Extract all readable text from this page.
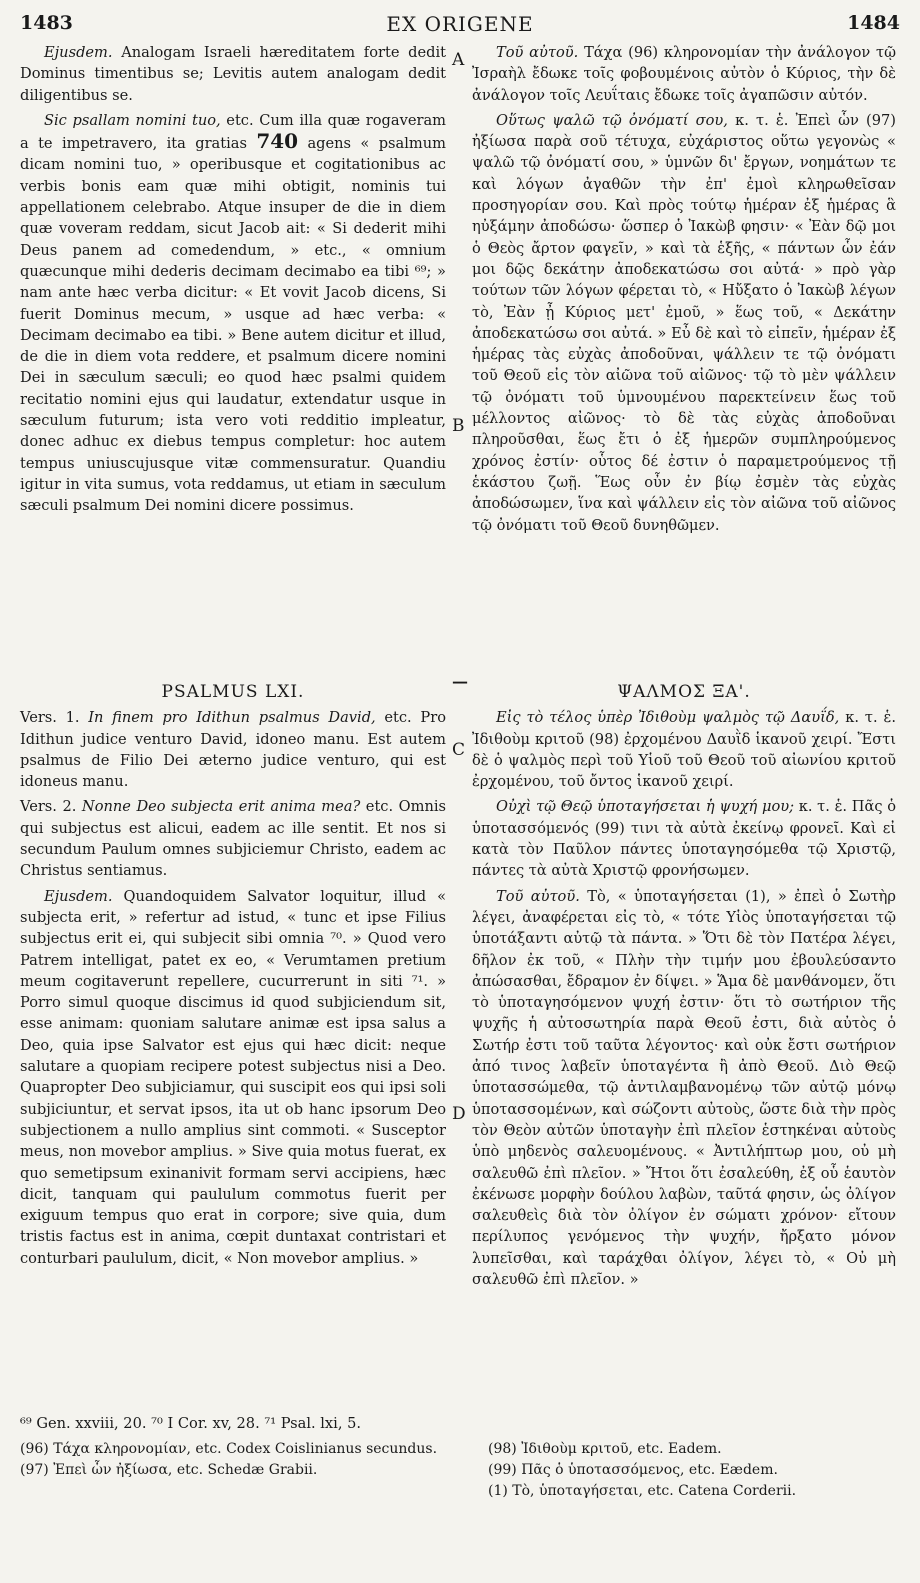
1483	EX ORIGENE	1484
A
B
C
D
—

Ejusdem. Analogam Israeli hæreditatem forte dedit Dominus timentibus se; Levitis autem analogam dedit diligentibus se.

Sic psallam nomini tuo, etc. Cum illa quæ rogaveram a te impetravero, ita gratias 740 agens « psalmum dicam nomini tuo, » operibusque et cogitationibus ac verbis bonis eam quæ mihi obtigit, nominis tui appellationem celebrabo. Atque insuper de die in diem quæ voveram reddam, sicut Jacob ait: « Si dederit mihi Deus panem ad comedendum, » etc., « omnium quæcunque mihi dederis decimam decimabo ea tibi ⁶⁹; » nam ante hæc verba dicitur: « Et vovit Jacob dicens, Si fuerit Dominus mecum, » usque ad hæc verba: « Decimam decimabo ea tibi. » Bene autem dicitur et illud, de die in diem vota reddere, et psalmum dicere nomini Dei in sæculum sæculi; eo quod hæc psalmi quidem recitatio nomini ejus qui laudatur, extendatur usque in sæculum futurum; ista vero voti redditio impleatur, donec adhuc ex diebus tempus completur: hoc autem tempus uniuscujusque vitæ commensuratur. Quandiu igitur in vita sumus, vota reddamus, ut etiam in sæculum sæculi psalmum Dei nomini dicere possimus.

Τοῦ αὐτοῦ. Τάχα (96) κληρονομίαν τὴν ἀνάλογον τῷ Ἰσραὴλ ἔδωκε τοῖς φοβουμένοις αὐτὸν ὁ Κύριος, τὴν δὲ ἀνάλογον τοῖς Λευΐταις ἔδωκε τοῖς ἀγαπῶσιν αὐτόν.

Οὕτως ψαλῶ τῷ ὀνόματί σου, κ. τ. ἑ. Ἐπεὶ ὧν (97) ἠξίωσα παρὰ σοῦ τέτυχα, εὐχάριστος οὕτω γεγονὼς « ψαλῶ τῷ ὀνόματί σου, » ὑμνῶν δι' ἔργων, νοημάτων τε καὶ λόγων ἀγαθῶν τὴν ἐπ' ἐμοὶ κληρωθεῖσαν προσηγορίαν σου. Καὶ πρὸς τούτῳ ἡμέραν ἐξ ἡμέρας ἃ ηὐξάμην ἀποδώσω· ὥσπερ ὁ Ἰακὼβ φησιν· « Ἐὰν δῷ μοι ὁ Θεὸς ἄρτον φαγεῖν, » καὶ τὰ ἑξῆς, « πάντων ὧν ἐάν μοι δῷς δεκάτην ἀποδεκατώσω σοι αὐτά· » πρὸ γὰρ τούτων τῶν λόγων φέρεται τὸ, « Ηὔξατο ὁ Ἰακὼβ λέγων τὸ, Ἐὰν ᾖ Κύριος μετ' ἐμοῦ, » ἕως τοῦ, « Δεκάτην ἀποδεκατώσω σοι αὐτά. » Εὖ δὲ καὶ τὸ εἰπεῖν, ἡμέραν ἐξ ἡμέρας τὰς εὐχὰς ἀποδοῦναι, ψάλλειν τε τῷ ὀνόματι τοῦ Θεοῦ εἰς τὸν αἰῶνα τοῦ αἰῶνος· τῷ τὸ μὲν ψάλλειν τῷ ὀνόματι τοῦ ὑμνουμένου παρεκτείνειν ἕως τοῦ μέλλοντος αἰῶνος· τὸ δὲ τὰς εὐχὰς ἀποδοῦναι πληροῦσθαι, ἕως ἔτι ὁ ἐξ ἡμερῶν συμπληρούμενος χρόνος ἐστίν· οὗτος δέ ἐστιν ὁ παραμετρούμενος τῇ ἑκάστου ζωῇ. Ἕως οὖν ἐν βίῳ ἐσμὲν τὰς εὐχὰς ἀποδώσωμεν, ἵνα καὶ ψάλλειν εἰς τὸν αἰῶνα τοῦ αἰῶνος τῷ ὀνόματι τοῦ Θεοῦ δυνηθῶμεν.

PSALMUS LXI.

Vers. 1. In finem pro Idithun psalmus David, etc. Pro Idithun judice venturo David, idoneo manu. Est autem psalmus de Filio Dei æterno judice venturo, qui est idoneus manu.

Vers. 2. Nonne Deo subjecta erit anima mea? etc. Omnis qui subjectus est alicui, eadem ac ille sentit. Et nos si secundum Paulum omnes subjiciemur Christo, eadem ac Christus sentiamus.

Ejusdem. Quandoquidem Salvator loquitur, illud « subjecta erit, » refertur ad istud, « tunc et ipse Filius subjectus erit ei, qui subjecit sibi omnia ⁷⁰. » Quod vero Patrem intelligat, patet ex eo, « Verumtamen pretium meum cogitaverunt repellere, cucurrerunt in siti ⁷¹. » Porro simul quoque discimus id quod subjiciendum sit, esse animam: quoniam salutare animæ est ipsa salus a Deo, quia ipse Salvator est ejus qui hæc dicit: neque salutare a quopiam recipere potest subjectus nisi a Deo. Quapropter Deo subjiciamur, qui suscipit eos qui ipsi soli subjiciuntur, et servat ipsos, ita ut ob hanc ipsorum Deo subjectionem a nullo amplius sint commoti. « Susceptor meus, non movebor amplius. » Sive quia motus fuerat, ex quo semetipsum exinanivit formam servi accipiens, hæc dicit, tanquam qui paululum commotus fuerit per exiguum tempus quo erat in corpore; sive quia, dum tristis factus est in anima, cœpit duntaxat contristari et conturbari paululum, dicit, « Non movebor amplius. »

ΨΑΛΜΟΣ ΞΑ'.

Εἰς τὸ τέλος ὑπὲρ Ἰδιθοὺμ ψαλμὸς τῷ Δαυΐδ, κ. τ. ἑ. Ἰδιθοὺμ κριτοῦ (98) ἐρχομένου Δαυῒδ ἱκανοῦ χειρί. Ἔστι δὲ ὁ ψαλμὸς περὶ τοῦ Υἱοῦ τοῦ Θεοῦ τοῦ αἰωνίου κριτοῦ ἐρχομένου, τοῦ ὄντος ἱκανοῦ χειρί.

Οὐχὶ τῷ Θεῷ ὑποταγήσεται ἡ ψυχή μου; κ. τ. ἑ. Πᾶς ὁ ὑποτασσόμενός (99) τινι τὰ αὐτὰ ἐκείνῳ φρονεῖ. Καὶ εἰ κατὰ τὸν Παῦλον πάντες ὑποταγησόμεθα τῷ Χριστῷ, πάντες τὰ αὐτὰ Χριστῷ φρονήσωμεν.

Τοῦ αὐτοῦ. Τὸ, « ὑποταγήσεται (1), » ἐπεὶ ὁ Σωτὴρ λέγει, ἀναφέρεται εἰς τὸ, « τότε Υἱὸς ὑποταγήσεται τῷ ὑποτάξαντι αὐτῷ τὰ πάντα. » Ὅτι δὲ τὸν Πατέρα λέγει, δῆλον ἐκ τοῦ, « Πλὴν τὴν τιμήν μου ἐβουλεύσαντο ἀπώσασθαι, ἔδραμον ἐν δίψει. » Ἅμα δὲ μανθάνομεν, ὅτι τὸ ὑποταγησόμενον ψυχή ἐστιν· ὅτι τὸ σωτήριον τῆς ψυχῆς ἡ αὐτοσωτηρία παρὰ Θεοῦ ἐστι, διὰ αὐτὸς ὁ Σωτήρ ἐστι τοῦ ταῦτα λέγοντος· καὶ οὐκ ἔστι σωτήριον ἀπό τινος λαβεῖν ὑποταγέντα ἢ ἀπὸ Θεοῦ. Διὸ Θεῷ ὑποτασσώμεθα, τῷ ἀντιλαμβανομένῳ τῶν αὐτῷ μόνῳ ὑποτασσομένων, καὶ σώζοντι αὐτοὺς, ὥστε διὰ τὴν πρὸς τὸν Θεὸν αὐτῶν ὑποταγὴν ἐπὶ πλεῖον ἑστηκέναι αὐτοὺς ὑπὸ μηδενὸς σαλευομένους. « Ἀντιλήπτωρ μου, οὐ μὴ σαλευθῶ ἐπὶ πλεῖον. » Ἤτοι ὅτι ἐσαλεύθη, ἐξ οὗ ἑαυτὸν ἐκένωσε μορφὴν δούλου λαβὼν, ταῦτά φησιν, ὡς ὀλίγον σαλευθεὶς διὰ τὸν ὀλίγον ἐν σώματι χρόνον· εἴτουν περίλυπος γενόμενος τὴν ψυχήν, ἤρξατο μόνον λυπεῖσθαι, καὶ ταράχθαι ὀλίγον, λέγει τὸ, « Οὐ μὴ σαλευθῶ ἐπὶ πλεῖον. »

⁶⁹ Gen. xxviii, 20. ⁷⁰ I Cor. xv, 28. ⁷¹ Psal. lxi, 5.

(96) Τάχα κληρονομίαν, etc. Codex Coislinianus secundus.

(97) Ἐπεὶ ὧν ἠξίωσα, etc. Schedæ Grabii.

(98) Ἰδιθοὺμ κριτοῦ, etc. Eadem.

(99) Πᾶς ὁ ὑποτασσόμενος, etc. Eædem.

(1) Τὸ, ὑποταγήσεται, etc. Catena Corderii.
